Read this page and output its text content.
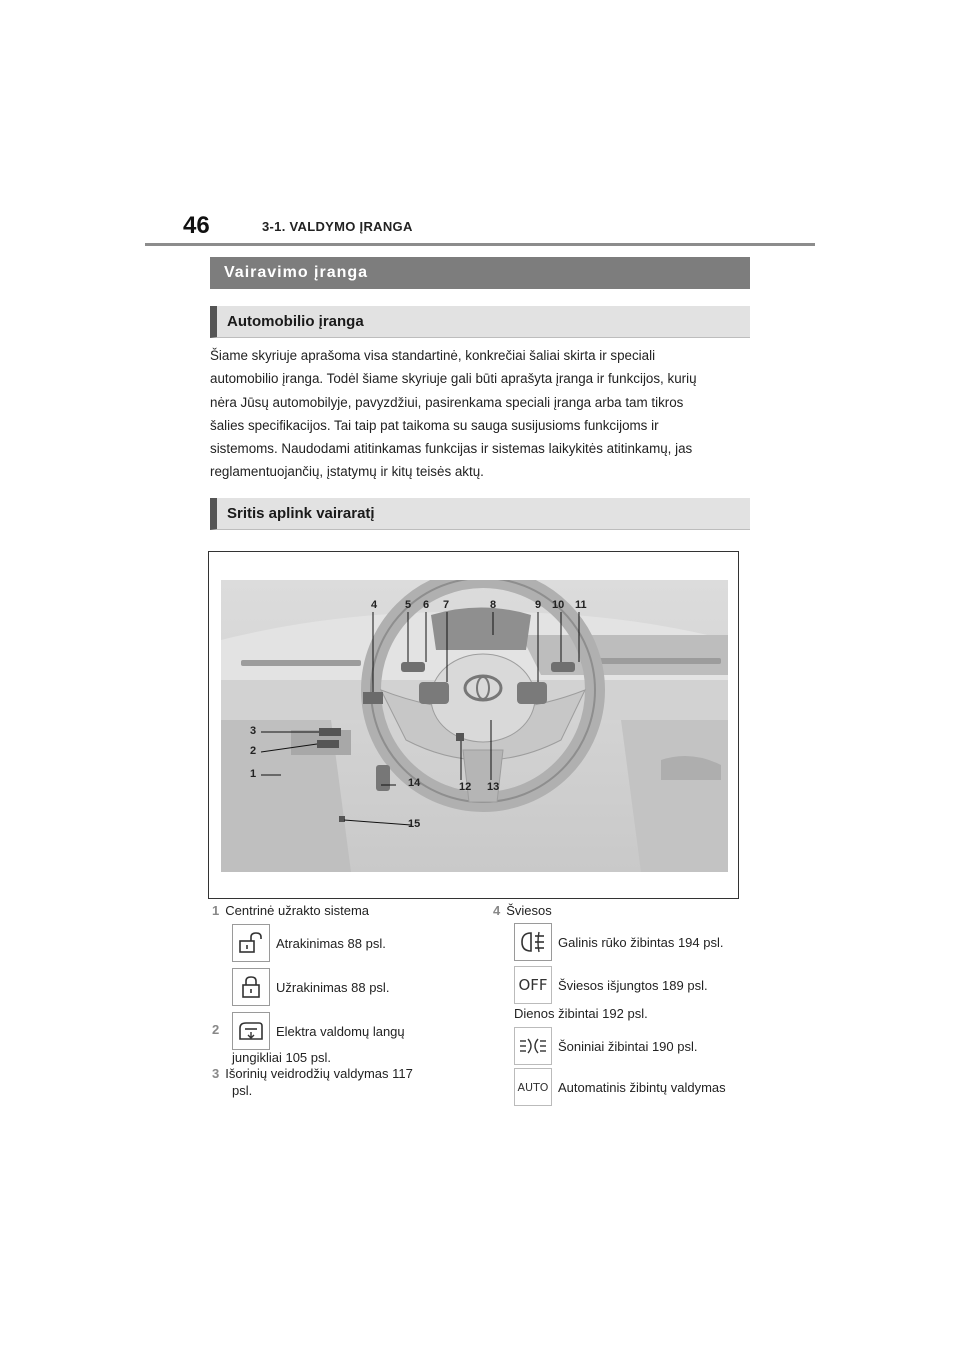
46	3-1. VALDYMO ĮRANGA
Vairavimo įranga
Automobilio įranga

Šiame skyriuje aprašoma visa standartinė, konkrečiai šaliai skirta ir speciali

automobilio įranga. Todėl šiame skyriuje gali būti aprašyta įranga ir funkcijos, kurių

nėra Jūsų automobilyje, pavyzdžiui, pasirenkama speciali įranga arba tam tikros

šalies specifikacijos. Tai taip pat taikoma su sauga susijusioms funkcijoms ir

sistemoms. Naudodami atitinkamas funkcijas ir sistemas laikykitės atitinkamų, jas

reglamentuojančių, įstatymų ir kitų teisės aktų.

Sritis aplink vairaratį
4	5 6 7	8	9 10 11
3
2
1
14	12 13
15
1 Centrinė užrakto sistema
Atrakinimas 88 psl.
Užrakinimas 88 psl.
2	Elektra valdomų langų
jungikliai 105 psl.
3 Išorinių veidrodžių valdymas 117
psl.
4 Šviesos
Galinis rūko žibintas 194 psl.
OFF Šviesos išjungtos 189 psl.
Dienos žibintai 192 psl.
Šoniniai žibintai 190 psl.
AUTO Automatinis žibintų valdymas
